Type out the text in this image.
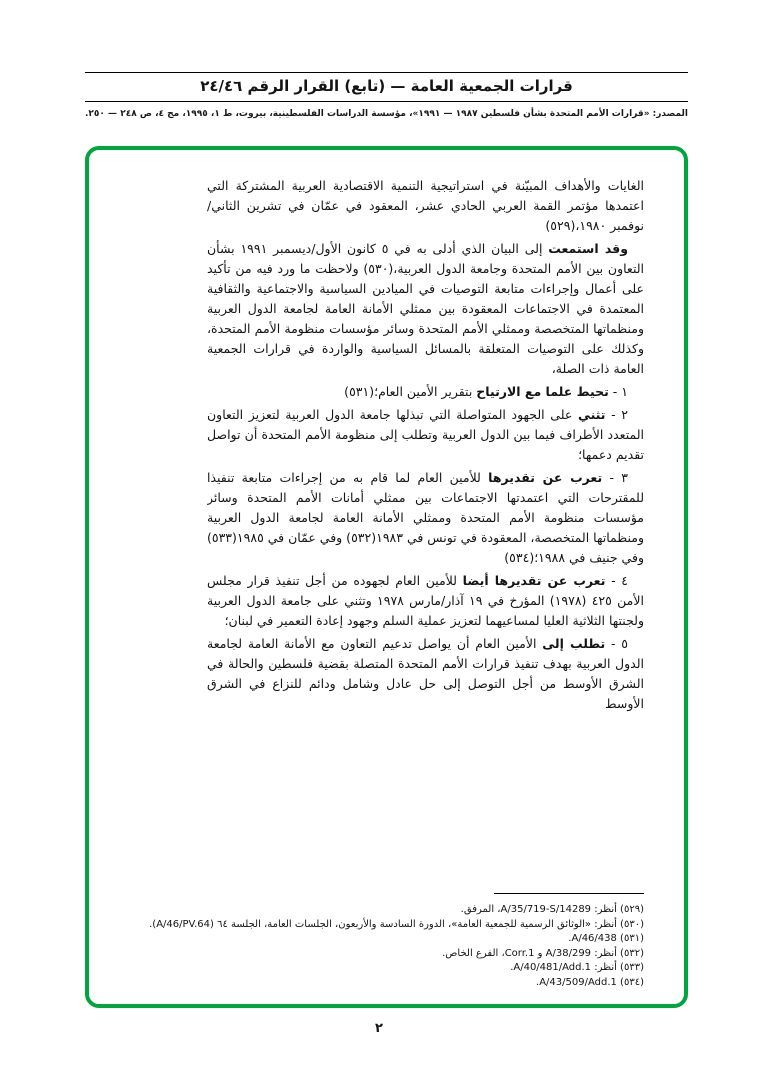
قرارات الجمعية العامة — (تابع) القرار الرقم ٢٤/٤٦
المصدر: «قرارات الأمم المتحدة بشأن فلسطين ١٩٨٧ — ١٩٩١»، مؤسسة الدراسات الفلسطينية، بيروت، ط ١، ١٩٩٥، مج ٤، ص ٢٤٨ — ٢٥٠.

الغايات والأهداف المبيّنة في استراتيجية التنمية الاقتصادية العربية المشتركة التي اعتمدها مؤتمر القمة العربي الحادي عشر، المعقود في عمّان في تشرين الثاني/نوفمبر ١٩٨٠،(٥٢٩)

وقد استمعت إلى البيان الذي أدلى به في ٥ كانون الأول/ديسمبر ١٩٩١ بشأن التعاون بين الأمم المتحدة وجامعة الدول العربية،(٥٣٠) ولاحظت ما ورد فيه من تأكيد على أعمال وإجراءات متابعة التوصيات في الميادين السياسية والاجتماعية والثقافية المعتمدة في الاجتماعات المعقودة بين ممثلي الأمانة العامة لجامعة الدول العربية ومنظماتها المتخصصة وممثلي الأمم المتحدة وسائر مؤسسات منظومة الأمم المتحدة، وكذلك على التوصيات المتعلقة بالمسائل السياسية والواردة في قرارات الجمعية العامة ذات الصلة،

١ - تحيط علما مع الارتياح بتقرير الأمين العام؛(٥٣١)

٢ - تثني على الجهود المتواصلة التي تبذلها جامعة الدول العربية لتعزيز التعاون المتعدد الأطراف فيما بين الدول العربية وتطلب إلى منظومة الأمم المتحدة أن تواصل تقديم دعمها؛

٣ - تعرب عن تقديرها للأمين العام لما قام به من إجراءات متابعة تنفيذا للمقترحات التي اعتمدتها الاجتماعات بين ممثلي أمانات الأمم المتحدة وسائر مؤسسات منظومة الأمم المتحدة وممثلي الأمانة العامة لجامعة الدول العربية ومنظماتها المتخصصة، المعقودة في تونس في ١٩٨٣(٥٣٢) وفي عمّان في ١٩٨٥(٥٣٣) وفي جنيف في ١٩٨٨؛(٥٣٤)

٤ - تعرب عن تقديرها أيضا للأمين العام لجهوده من أجل تنفيذ قرار مجلس الأمن ٤٢٥ (١٩٧٨) المؤرخ في ١٩ آذار/مارس ١٩٧٨ وتثني على جامعة الدول العربية ولجنتها الثلاثية العليا لمساعيهما لتعزيز عملية السلم وجهود إعادة التعمير في لبنان؛

٥ - تطلب إلى الأمين العام أن يواصل تدعيم التعاون مع الأمانة العامة لجامعة الدول العربية بهدف تنفيذ قرارات الأمم المتحدة المتصلة بقضية فلسطين والحالة في الشرق الأوسط من أجل التوصل إلى حل عادل وشامل ودائم للنزاع في الشرق الأوسط

(٥٢٩) أنظر: A/35/719-S/14289، المرفق.

(٥٣٠) أنظر: «الوثائق الرسمية للجمعية العامة»، الدورة السادسة والأربعون، الجلسات العامة، الجلسة ٦٤ (A/46/PV.64).

(٥٣١) A/46/438.

(٥٣٢) أنظر: A/38/299 و Corr.1، الفرع الخاص.

(٥٣٣) أنظر: A/40/481/Add.1.

(٥٣٤) A/43/509/Add.1.

٢
